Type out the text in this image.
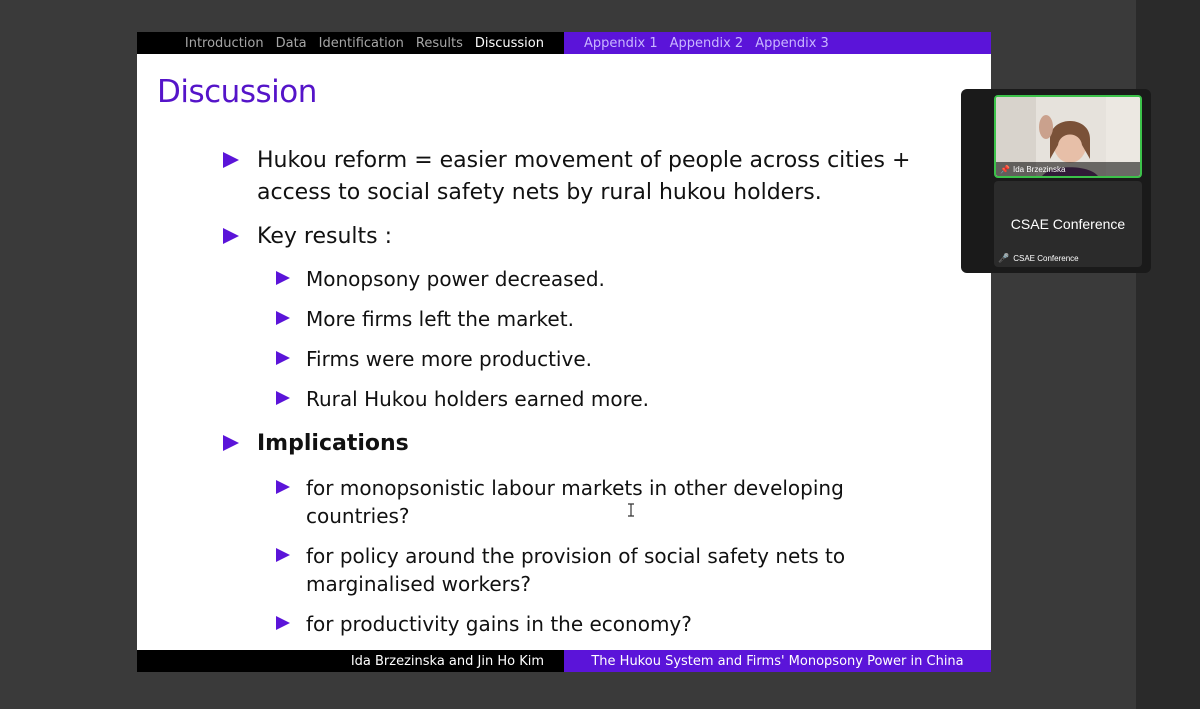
Introduction Data Identification Results Discussion	Appendix 1 Appendix 2 Appendix 3
Discussion
Hukou reform = easier movement of people across cities +
access to social safety nets by rural hukou holders.
Key results :
Monopsony power decreased.
More firms left the market.
Firms were more productive.
Rural Hukou holders earned more.
Implications
for monopsonistic labour markets in other developing
countries?
for policy around the provision of social safety nets to
marginalised workers?
for productivity gains in the economy?
Ida Brzezinska and Jin Ho Kim	The Hukou System and Firms' Monopsony Power in China
📌 Ida Brzezinska
CSAE Conference
🎤 CSAE Conference
